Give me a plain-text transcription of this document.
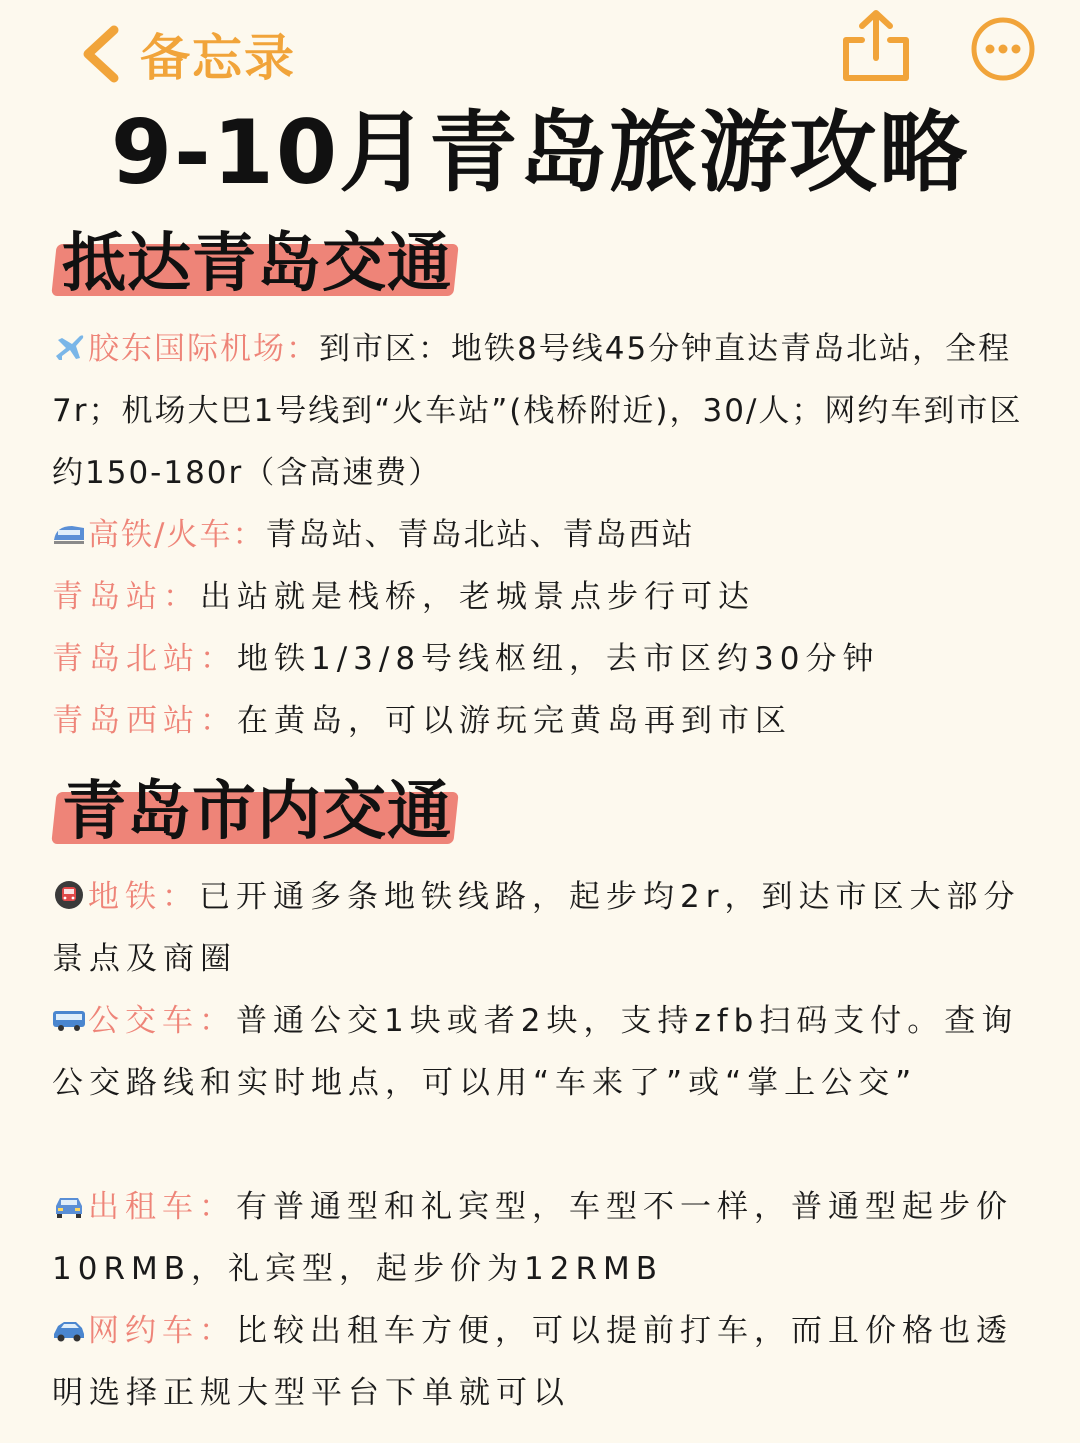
备忘录
9-10月青岛旅游攻略
抵达青岛交通
胶东国际机场：到市区：地铁8号线45分钟直达青岛北站，全程7r；机场大巴1号线到“火车站”(栈桥附近)，30/人；网约车到市区约150-180r（含高速费）
高铁/火车：青岛站、青岛北站、青岛西站
青岛站：出站就是栈桥，老城景点步行可达
青岛北站：地铁1/3/8号线枢纽，去市区约30分钟
青岛西站：在黄岛，可以游玩完黄岛再到市区
青岛市内交通
地铁：已开通多条地铁线路，起步均2r，到达市区大部分景点及商圈
公交车：普通公交1块或者2块，支持zfb扫码支付。查询公交路线和实时地点，可以用“车来了”或“掌上公交”
出租车：有普通型和礼宾型，车型不一样，普通型起步价10RMB，礼宾型，起步价为12RMB
网约车：比较出租车方便，可以提前打车，而且价格也透明选择正规大型平台下单就可以
